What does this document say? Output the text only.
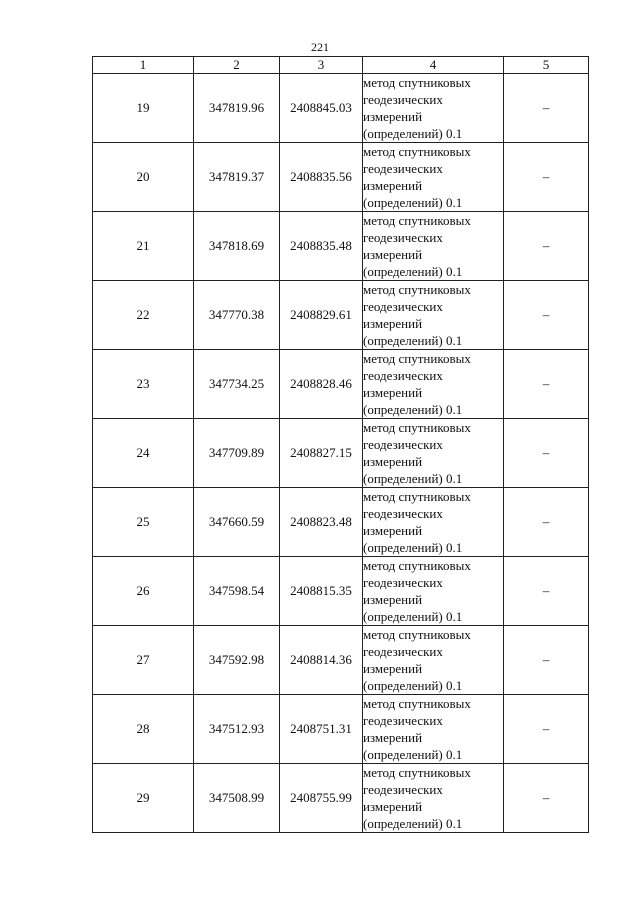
221
1	2	3	4	5
19	347819.96	2408845.03	метод спутниковых
геодезических
измерений
(определений) 0.1	–
20	347819.37	2408835.56	метод спутниковых
геодезических
измерений
(определений) 0.1	–
21	347818.69	2408835.48	метод спутниковых
геодезических
измерений
(определений) 0.1	–
22	347770.38	2408829.61	метод спутниковых
геодезических
измерений
(определений) 0.1	–
23	347734.25	2408828.46	метод спутниковых
геодезических
измерений
(определений) 0.1	–
24	347709.89	2408827.15	метод спутниковых
геодезических
измерений
(определений) 0.1	–
25	347660.59	2408823.48	метод спутниковых
геодезических
измерений
(определений) 0.1	–
26	347598.54	2408815.35	метод спутниковых
геодезических
измерений
(определений) 0.1	–
27	347592.98	2408814.36	метод спутниковых
геодезических
измерений
(определений) 0.1	–
28	347512.93	2408751.31	метод спутниковых
геодезических
измерений
(определений) 0.1	–
29	347508.99	2408755.99	метод спутниковых
геодезических
измерений
(определений) 0.1	–
